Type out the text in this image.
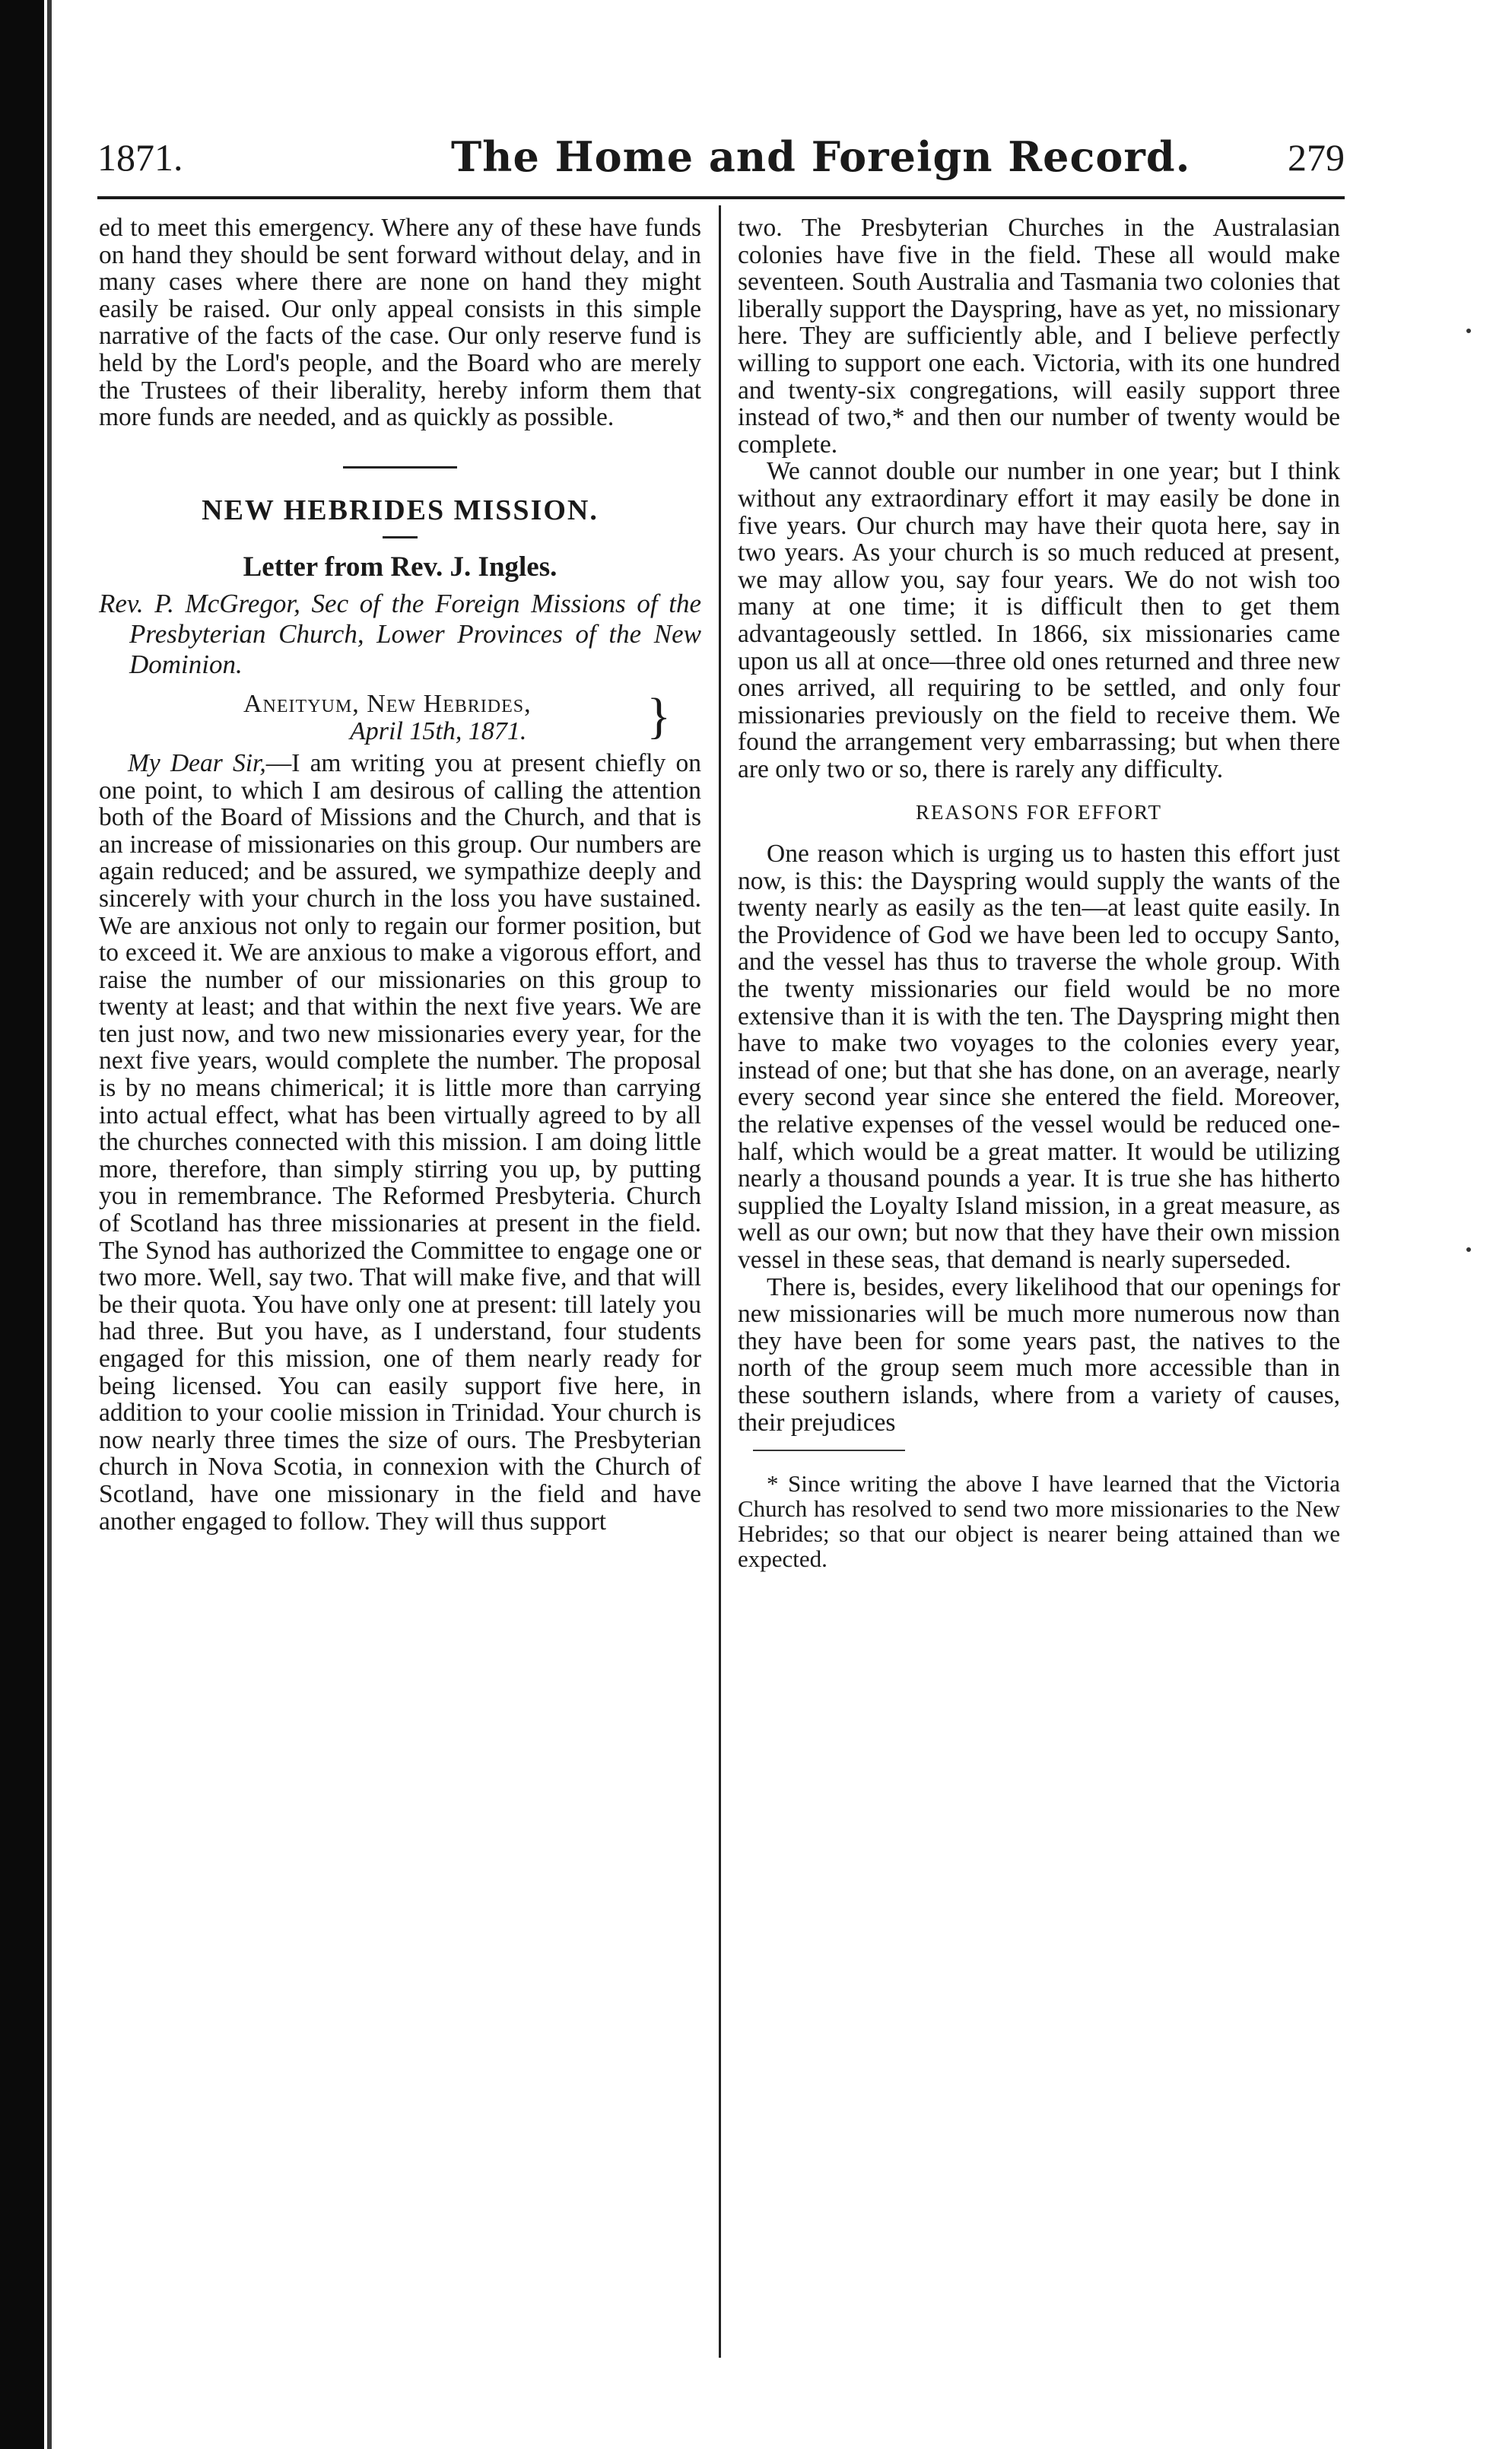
1871.	The Home and Foreign Record.	279

ed to meet this emergency. Where any of these have funds on hand they should be sent forward without delay, and in many cases where there are none on hand they might easily be raised. Our only appeal consists in this simple narrative of the facts of the case. Our only reserve fund is held by the Lord's people, and the Board who are merely the Trustees of their liberality, hereby inform them that more funds are needed, and as quickly as possible.

NEW HEBRIDES MISSION.
Letter from Rev. J. Ingles.
Rev. P. McGregor, Sec of the Foreign Missions of the Presbyterian Church, Lower Provinces of the New Dominion.
Aneityum, New Hebrides,
April 15th, 1871.	}

My Dear Sir,—I am writing you at present chiefly on one point, to which I am desirous of calling the attention both of the Board of Missions and the Church, and that is an increase of missionaries on this group. Our numbers are again reduced; and be assured, we sympathize deeply and sincerely with your church in the loss you have sustained. We are anxious not only to regain our former position, but to exceed it. We are anxious to make a vigorous effort, and raise the number of our missionaries on this group to twenty at least; and that within the next five years. We are ten just now, and two new missionaries every year, for the next five years, would complete the number. The proposal is by no means chimerical; it is little more than carrying into actual effect, what has been virtually agreed to by all the churches connected with this mission. I am doing little more, therefore, than simply stirring you up, by putting you in remembrance. The Reformed Presbyteria. Church of Scotland has three missionaries at present in the field. The Synod has authorized the Committee to engage one or two more. Well, say two. That will make five, and that will be their quota. You have only one at present: till lately you had three. But you have, as I understand, four students engaged for this mission, one of them nearly ready for being licensed. You can easily support five here, in addition to your coolie mission in Trinidad. Your church is now nearly three times the size of ours. The Presbyterian church in Nova Scotia, in connexion with the Church of Scotland, have one missionary in the field and have another engaged to follow. They will thus support

two. The Presbyterian Churches in the Australasian colonies have five in the field. These all would make seventeen. South Australia and Tasmania two colonies that liberally support the Dayspring, have as yet, no missionary here. They are sufficiently able, and I believe perfectly willing to support one each. Victoria, with its one hundred and twenty-six congregations, will easily support three instead of two,* and then our number of twenty would be complete.

We cannot double our number in one year; but I think without any extraordinary effort it may easily be done in five years. Our church may have their quota here, say in two years. As your church is so much reduced at present, we may allow you, say four years. We do not wish too many at one time; it is difficult then to get them advantageously settled. In 1866, six missionaries came upon us all at once—three old ones returned and three new ones arrived, all requiring to be settled, and only four missionaries previously on the field to receive them. We found the arrangement very embarrassing; but when there are only two or so, there is rarely any difficulty.

REASONS FOR EFFORT

One reason which is urging us to hasten this effort just now, is this: the Dayspring would supply the wants of the twenty nearly as easily as the ten—at least quite easily. In the Providence of God we have been led to occupy Santo, and the vessel has thus to traverse the whole group. With the twenty missionaries our field would be no more extensive than it is with the ten. The Dayspring might then have to make two voyages to the colonies every year, instead of one; but that she has done, on an average, nearly every second year since she entered the field. Moreover, the relative expenses of the vessel would be reduced one-half, which would be a great matter. It would be utilizing nearly a thousand pounds a year. It is true she has hitherto supplied the Loyalty Island mission, in a great measure, as well as our own; but now that they have their own mission vessel in these seas, that demand is nearly superseded.

There is, besides, every likelihood that our openings for new missionaries will be much more numerous now than they have been for some years past, the natives to the north of the group seem much more accessible than in these southern islands, where from a variety of causes, their prejudices

* Since writing the above I have learned that the Victoria Church has resolved to send two more missionaries to the New Hebrides; so that our object is nearer being attained than we expected.
